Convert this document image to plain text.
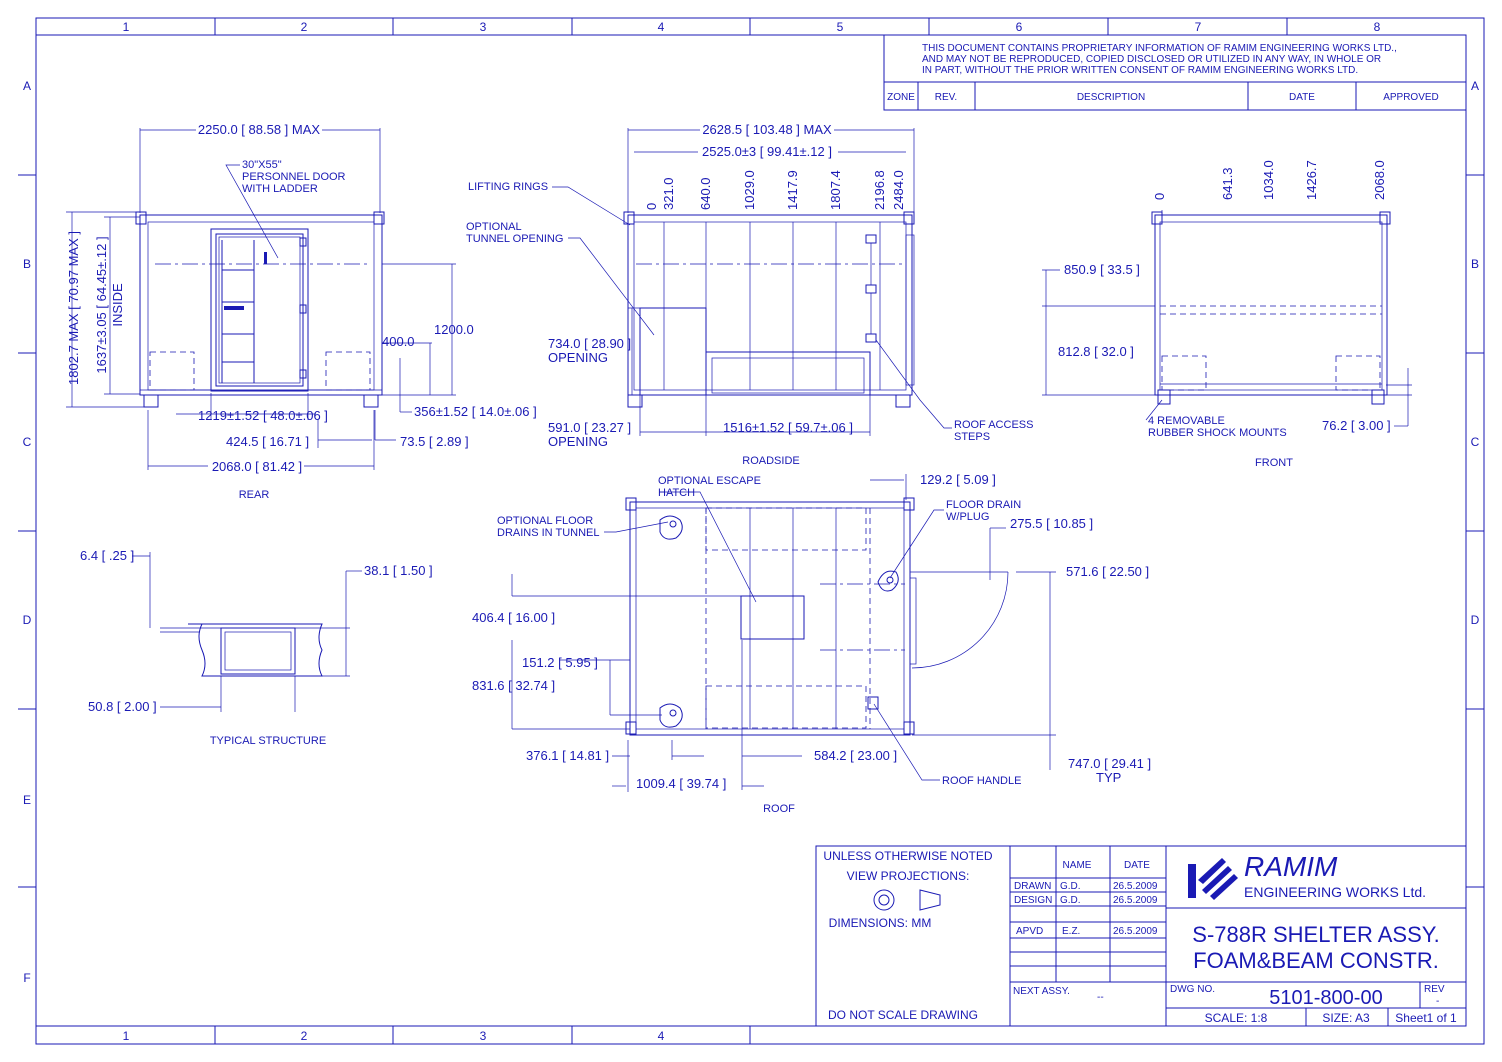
1	2	3	4	5	6	7	8
1	2	3	4
A
B
C
D
E
F
A
B
C
D
THIS DOCUMENT CONTAINS PROPRIETARY INFORMATION OF RAMIM ENGINEERING WORKS LTD.,
AND MAY NOT BE REPRODUCED, COPIED DISCLOSED OR UTILIZED IN ANY WAY, IN WHOLE OR
IN PART, WITHOUT THE PRIOR WRITTEN CONSENT OF RAMIM ENGINEERING WORKS LTD.
ZONE REV.	DESCRIPTION	DATE	APPROVED
30"X55"
PERSONNEL DOOR
WITH LADDER
2250.0 [ 88.58 ] MAX
1802.7 MAX [ 70.97 MAX ] 1637±3.05 [ 64.45±.12 ] INSIDE
1200.0
400.0
356±1.52 [ 14.0±.06 ]
1219±1.52 [ 48.0±.06 ]
424.5 [ 16.71 ]	73.5 [ 2.89 ]
2068.0 [ 81.42 ]
REAR
0 321.0 640.0 1029.0 1417.9 1807.4 2196.8 2484.0
2628.5 [ 103.48 ] MAX
2525.0±3 [ 99.41±.12 ]
LIFTING RINGS
OPTIONAL
TUNNEL OPENING
734.0 [ 28.90 ]
OPENING
591.0 [ 23.27 ]
OPENING
1516±1.52 [ 59.7±.06 ]	ROOF ACCESS
STEPS
ROADSIDE
0	641.3 1034.0 1426.7	2068.0
850.9 [ 33.5 ]
812.8 [ 32.0 ]
4 REMOVABLE
RUBBER SHOCK MOUNTS	76.2 [ 3.00 ]
FRONT
OPTIONAL ESCAPE
HATCH
OPTIONAL FLOOR
DRAINS IN TUNNEL
129.2 [ 5.09 ]
FLOOR DRAIN
W/PLUG 275.5 [ 10.85 ]
571.6 [ 22.50 ]
747.0 [ 29.41 ]
TYP
406.4 [ 16.00 ]
831.6 [ 32.74 ]
151.2 [ 5.95 ]
376.1 [ 14.81 ]	584.2 [ 23.00 ]
1009.4 [ 39.74 ]	ROOF HANDLE
ROOF
6.4 [ .25 ]
38.1 [ 1.50 ]
50.8 [ 2.00 ]
TYPICAL STRUCTURE
UNLESS OTHERWISE NOTED
VIEW PROJECTIONS:
DIMENSIONS: MM
DO NOT SCALE DRAWING
NAME	DATE
DRAWN G.D.	26.5.2009
DESIGN G.D.	26.5.2009
APVD E.Z.	26.5.2009
NEXT ASSY.
--
RAMIM
ENGINEERING WORKS Ltd.
S-788R SHELTER ASSY.
FOAM&BEAM CONSTR.
DWG NO.	5101-800-00	REV
-
SCALE: 1:8	SIZE: A3 Sheet1 of 1
